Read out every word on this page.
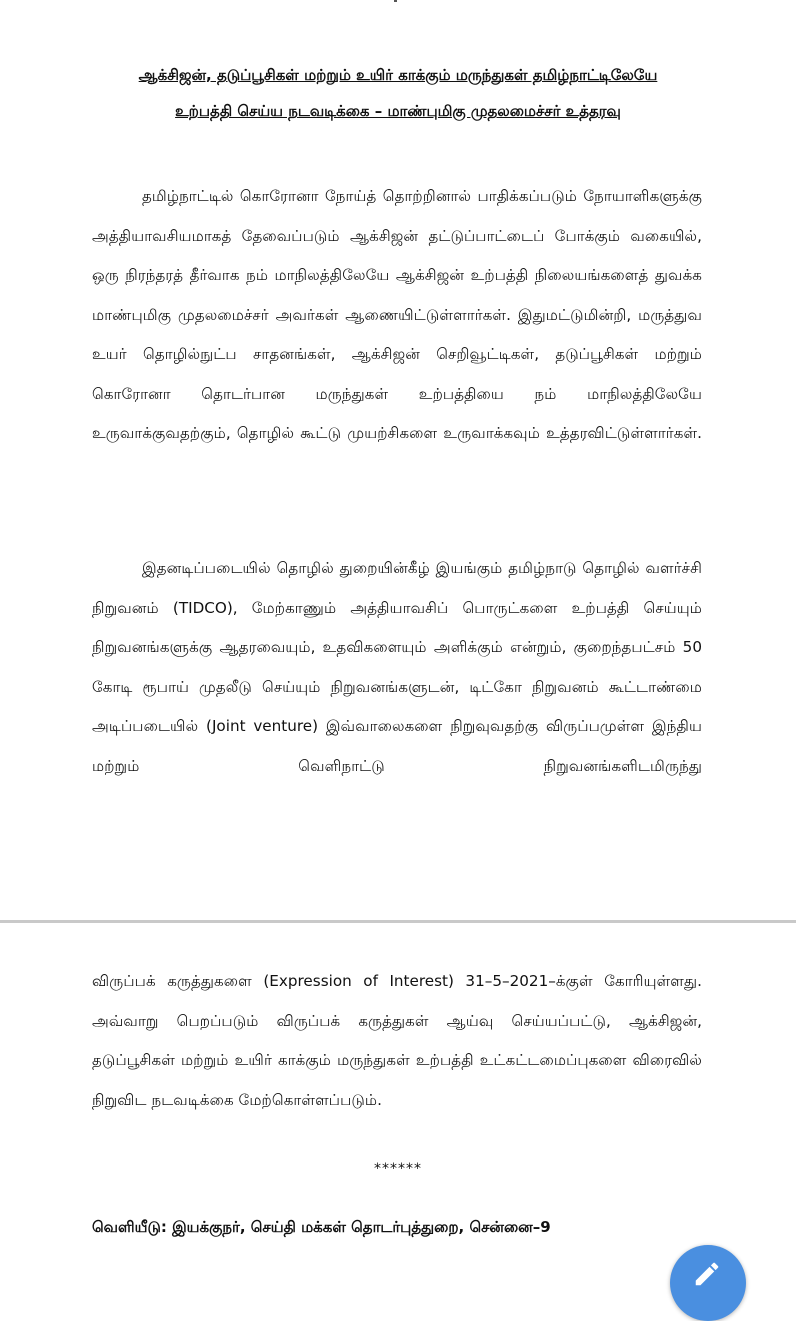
ஆக்சிஜன், தடுப்பூசிகள் மற்றும் உயிர் காக்கும் மருந்துகள் தமிழ்நாட்டிலேயே
உற்பத்தி செய்ய நடவடிக்கை – மாண்புமிகு முதலமைச்சர் உத்தரவு
தமிழ்நாட்டில் கொரோனா நோய்த் தொற்றினால் பாதிக்கப்படும் நோயாளிகளுக்கு அத்தியாவசியமாகத் தேவைப்படும் ஆக்சிஜன் தட்டுப்பாட்டைப் போக்கும் வகையில், ஒரு நிரந்தரத் தீர்வாக நம் மாநிலத்திலேயே ஆக்சிஜன் உற்பத்தி நிலையங்களைத் துவக்க மாண்புமிகு முதலமைச்சர் அவர்கள் ஆணையிட்டுள்ளார்கள். இதுமட்டுமின்றி, மருத்துவ உயர் தொழில்நுட்ப சாதனங்கள், ஆக்சிஜன் செறிவூட்டிகள், தடுப்பூசிகள் மற்றும் கொரோனா தொடர்பான மருந்துகள் உற்பத்தியை நம் மாநிலத்திலேயே உருவாக்குவதற்கும், தொழில் கூட்டு முயற்சிகளை உருவாக்கவும் உத்தரவிட்டுள்ளார்கள்.
இதனடிப்படையில் தொழில் துறையின்கீழ் இயங்கும் தமிழ்நாடு தொழில் வளர்ச்சி நிறுவனம் (TIDCO), மேற்காணும் அத்தியாவசிப் பொருட்களை உற்பத்தி செய்யும் நிறுவனங்களுக்கு ஆதரவையும், உதவிகளையும் அளிக்கும் என்றும், குறைந்தபட்சம் 50 கோடி ரூபாய் முதலீடு செய்யும் நிறுவனங்களுடன், டிட்கோ நிறுவனம் கூட்டாண்மை அடிப்படையில் (Joint venture) இவ்வாலைகளை நிறுவுவதற்கு விருப்பமுள்ள இந்திய மற்றும் வெளிநாட்டு நிறுவனங்களிடமிருந்து
விருப்பக் கருத்துகளை (Expression of Interest) 31–5–2021–க்குள் கோரியுள்ளது. அவ்வாறு பெறப்படும் விருப்பக் கருத்துகள் ஆய்வு செய்யப்பட்டு, ஆக்சிஜன், தடுப்பூசிகள் மற்றும் உயிர் காக்கும் மருந்துகள் உற்பத்தி உட்கட்டமைப்புகளை விரைவில் நிறுவிட நடவடிக்கை மேற்கொள்ளப்படும்.
******
வெளியீடு: இயக்குநர், செய்தி மக்கள் தொடர்புத்துறை, சென்னை–9
